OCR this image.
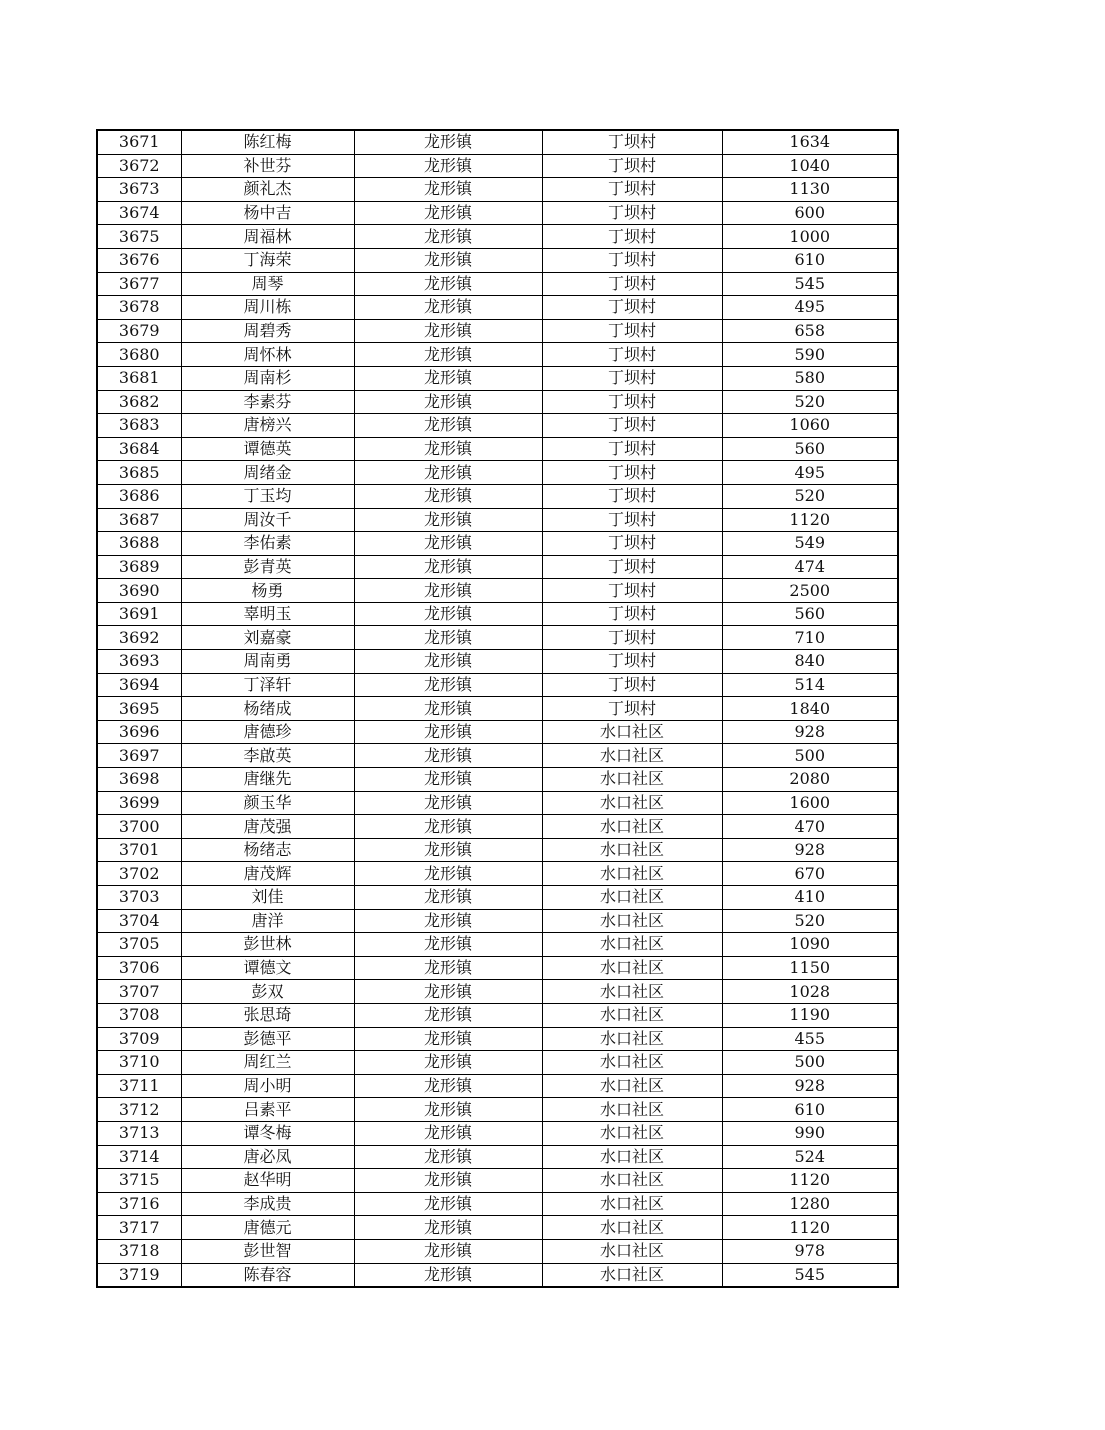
3671	陈红梅	龙形镇	丁坝村	1634
3672	补世芬	龙形镇	丁坝村	1040
3673	颜礼杰	龙形镇	丁坝村	1130
3674	杨中吉	龙形镇	丁坝村	600
3675	周福林	龙形镇	丁坝村	1000
3676	丁海荣	龙形镇	丁坝村	610
3677	周琴	龙形镇	丁坝村	545
3678	周川栋	龙形镇	丁坝村	495
3679	周碧秀	龙形镇	丁坝村	658
3680	周怀林	龙形镇	丁坝村	590
3681	周南杉	龙形镇	丁坝村	580
3682	李素芬	龙形镇	丁坝村	520
3683	唐榜兴	龙形镇	丁坝村	1060
3684	谭德英	龙形镇	丁坝村	560
3685	周绪金	龙形镇	丁坝村	495
3686	丁玉均	龙形镇	丁坝村	520
3687	周汝千	龙形镇	丁坝村	1120
3688	李佑素	龙形镇	丁坝村	549
3689	彭青英	龙形镇	丁坝村	474
3690	杨勇	龙形镇	丁坝村	2500
3691	辜明玉	龙形镇	丁坝村	560
3692	刘嘉豪	龙形镇	丁坝村	710
3693	周南勇	龙形镇	丁坝村	840
3694	丁泽轩	龙形镇	丁坝村	514
3695	杨绪成	龙形镇	丁坝村	1840
3696	唐德珍	龙形镇	水口社区	928
3697	李啟英	龙形镇	水口社区	500
3698	唐继先	龙形镇	水口社区	2080
3699	颜玉华	龙形镇	水口社区	1600
3700	唐茂强	龙形镇	水口社区	470
3701	杨绪志	龙形镇	水口社区	928
3702	唐茂辉	龙形镇	水口社区	670
3703	刘佳	龙形镇	水口社区	410
3704	唐洋	龙形镇	水口社区	520
3705	彭世林	龙形镇	水口社区	1090
3706	谭德文	龙形镇	水口社区	1150
3707	彭双	龙形镇	水口社区	1028
3708	张思琦	龙形镇	水口社区	1190
3709	彭德平	龙形镇	水口社区	455
3710	周红兰	龙形镇	水口社区	500
3711	周小明	龙形镇	水口社区	928
3712	吕素平	龙形镇	水口社区	610
3713	谭冬梅	龙形镇	水口社区	990
3714	唐必凤	龙形镇	水口社区	524
3715	赵华明	龙形镇	水口社区	1120
3716	李成贵	龙形镇	水口社区	1280
3717	唐德元	龙形镇	水口社区	1120
3718	彭世智	龙形镇	水口社区	978
3719	陈春容	龙形镇	水口社区	545
